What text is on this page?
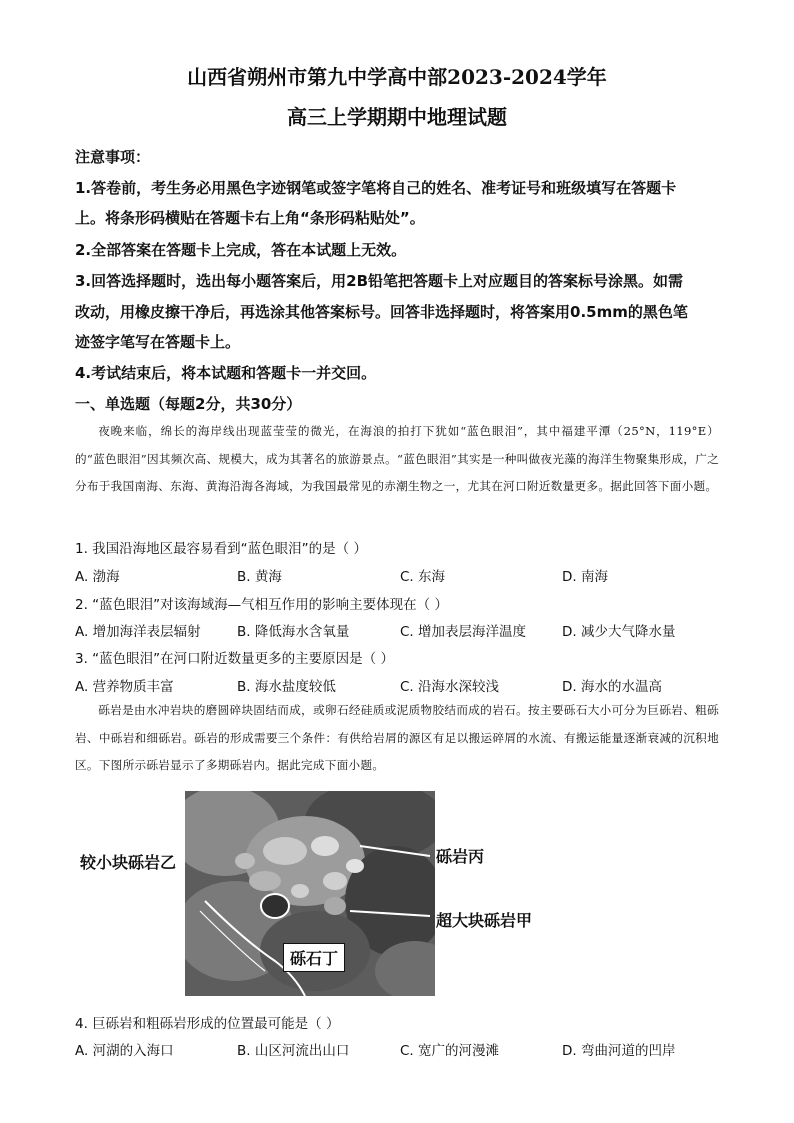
山西省朔州市第九中学高中部2023-2024学年
高三上学期期中地理试题
注意事项：
1.答卷前，考生务必用黑色字迹钢笔或签字笔将自己的姓名、准考证号和班级填写在答题卡
上。将条形码横贴在答题卡右上角“条形码粘贴处”。
2.全部答案在答题卡上完成，答在本试题上无效。
3.回答选择题时，选出每小题答案后，用2B铅笔把答题卡上对应题目的答案标号涂黑。如需
改动，用橡皮擦干净后，再选涂其他答案标号。回答非选择题时，将答案用0.5mm的黑色笔
迹签字笔写在答题卡上。
4.考试结束后，将本试题和答题卡一并交回。
一、单选题（每题2分，共30分）
夜晚来临，绵长的海岸线出现蓝莹莹的微光，在海浪的拍打下犹如“蓝色眼泪”，其中福建平潭（25°N，119°E）的“蓝色眼泪”因其频次高、规模大，成为其著名的旅游景点。“蓝色眼泪”其实是一种叫做夜光藻的海洋生物聚集形成，广之分布于我国南海、东海、黄海沿海各海域，为我国最常见的赤潮生物之一，尤其在河口附近数量更多。据此回答下面小题。
1. 我国沿海地区最容易看到“蓝色眼泪”的是（ ）
A. 渤海	B. 黄海	C. 东海	D. 南海
2. “蓝色眼泪”对该海域海—气相互作用的影响主要体现在（ ）
A. 增加海洋表层辐射	B. 降低海水含氧量	C. 增加表层海洋温度	D. 减少大气降水量
3. “蓝色眼泪”在河口附近数量更多的主要原因是（ ）
A. 营养物质丰富	B. 海水盐度较低	C. 沿海水深较浅	D. 海水的水温高
砾岩是由水冲岩块的磨圆碎块固结而成，或卵石经硅质或泥质物胶结而成的岩石。按主要砾石大小可分为巨砾岩、粗砾岩、中砾岩和细砾岩。砾岩的形成需要三个条件：有供给岩屑的源区有足以搬运碎屑的水流、有搬运能量逐渐衰减的沉积地区。下图所示砾岩显示了多期砾岩内。据此完成下面小题。
较小块砾岩乙	砾岩丙
超大块砾岩甲
砾石丁
4. 巨砾岩和粗砾岩形成的位置最可能是（ ）
A. 河湖的入海口	B. 山区河流出山口	C. 宽广的河漫滩	D. 弯曲河道的凹岸
